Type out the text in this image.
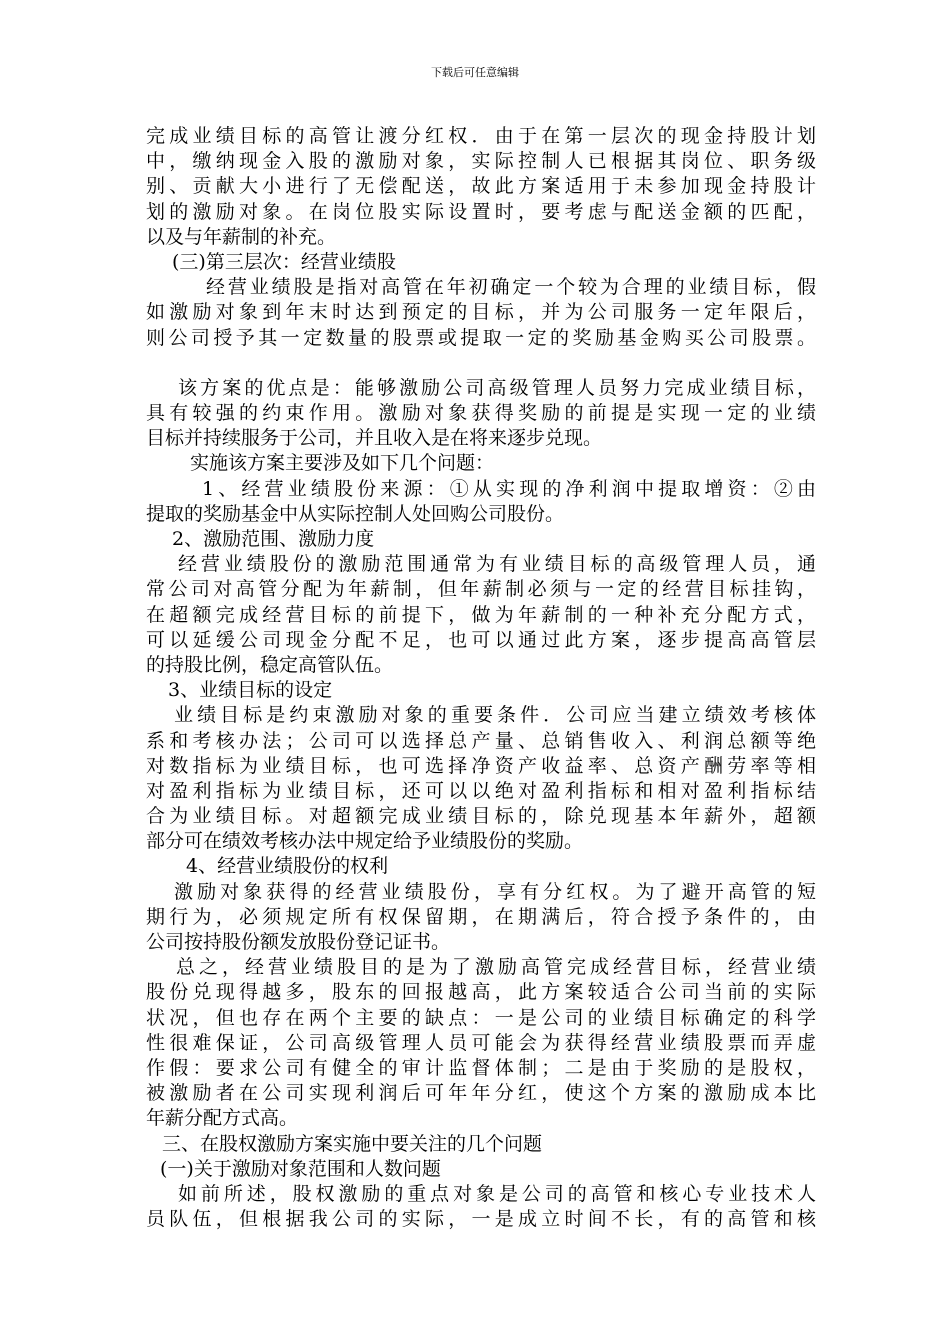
下载后可任意编辑
完成业绩目标的高管让渡分红权．由于在第一层次的现金持股计划
中，缴纳现金入股的激励对象，实际控制人已根据其岗位、职务级
别、贡献大小进行了无偿配送，故此方案适用于未参加现金持股计
划的激励对象。在岗位股实际设置时，要考虑与配送金额的匹配，
以及与年薪制的补充。
(三)第三层次：经营业绩股
经营业绩股是指对高管在年初确定一个较为合理的业绩目标，假
如激励对象到年末时达到预定的目标，并为公司服务一定年限后，
则公司授予其一定数量的股票或提取一定的奖励基金购买公司股票。
该方案的优点是：能够激励公司高级管理人员努力完成业绩目标，
具有较强的约束作用。激励对象获得奖励的前提是实现一定的业绩
目标并持续服务于公司，并且收入是在将来逐步兑现。
实施该方案主要涉及如下几个问题：
1、经营业绩股份来源：①从实现的净利润中提取增资：②由
提取的奖励基金中从实际控制人处回购公司股份。
2、激励范围、激励力度
经营业绩股份的激励范围通常为有业绩目标的高级管理人员，通
常公司对高管分配为年薪制，但年薪制必须与一定的经营目标挂钩，
在超额完成经营目标的前提下，做为年薪制的一种补充分配方式，
可以延缓公司现金分配不足，也可以通过此方案，逐步提高高管层
的持股比例，稳定高管队伍。
3、业绩目标的设定
业绩目标是约束激励对象的重要条件．公司应当建立绩效考核体
系和考核办法；公司可以选择总产量、总销售收入、利润总额等绝
对数指标为业绩目标，也可选择净资产收益率、总资产酬劳率等相
对盈利指标为业绩目标，还可以以绝对盈利指标和相对盈利指标结
合为业绩目标。对超额完成业绩目标的，除兑现基本年薪外，超额
部分可在绩效考核办法中规定给予业绩股份的奖励。
4、经营业绩股份的权利
激励对象获得的经营业绩股份，享有分红权。为了避开高管的短
期行为，必须规定所有权保留期，在期满后，符合授予条件的，由
公司按持股份额发放股份登记证书。
总之，经营业绩股目的是为了激励高管完成经营目标，经营业绩
股份兑现得越多，股东的回报越高，此方案较适合公司当前的实际
状况，但也存在两个主要的缺点：一是公司的业绩目标确定的科学
性很难保证，公司高级管理人员可能会为获得经营业绩股票而弄虚
作假：要求公司有健全的审计监督体制；二是由于奖励的是股权，
被激励者在公司实现利润后可年年分红，使这个方案的激励成本比
年薪分配方式高。
三、在股权激励方案实施中要关注的几个问题
(一)关于激励对象范围和人数问题
如前所述，股权激励的重点对象是公司的高管和核心专业技术人
员队伍，但根据我公司的实际，一是成立时间不长，有的高管和核
